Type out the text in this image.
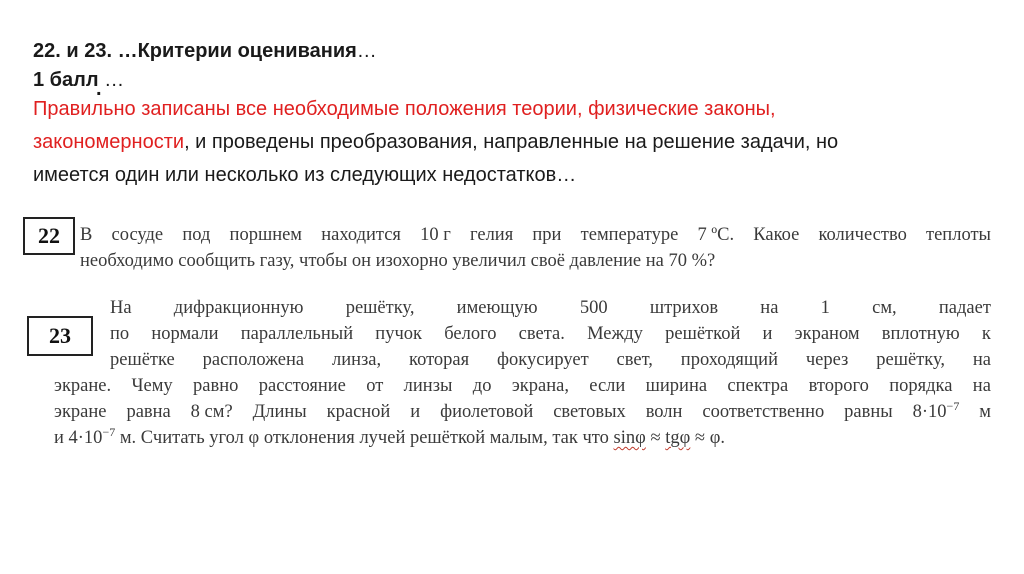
22. и 23. …Критерии оценивания…
1 балл …
.
Правильно записаны все необходимые положения теории, физические законы,
закономерности, и проведены преобразования, направленные на решение задачи, но
имеется один или несколько из следующих недостатков…
22	В сосуде под поршнем находится 10 г гелия при температуре 7 ºС. Какое количество теплоты
необходимо сообщить газу, чтобы он изохорно увеличил своё давление на 70 %?
23
На дифракционную решётку, имеющую 500 штрихов на 1 см, падает
по нормали параллельный пучок белого света. Между решёткой и экраном вплотную к
решётке расположена линза, которая фокусирует свет, проходящий через решётку, на
экране. Чему равно расстояние от линзы до экрана, если ширина спектра второго порядка на
экране равна 8 см? Длины красной и фиолетовой световых волн соответственно равны $8\cdot 10^{-7}$ м
и $4\cdot 10^{-7}$ м. Считать угол φ отклонения лучей решёткой малым, так что sinφ ≈ tgφ ≈ φ.
